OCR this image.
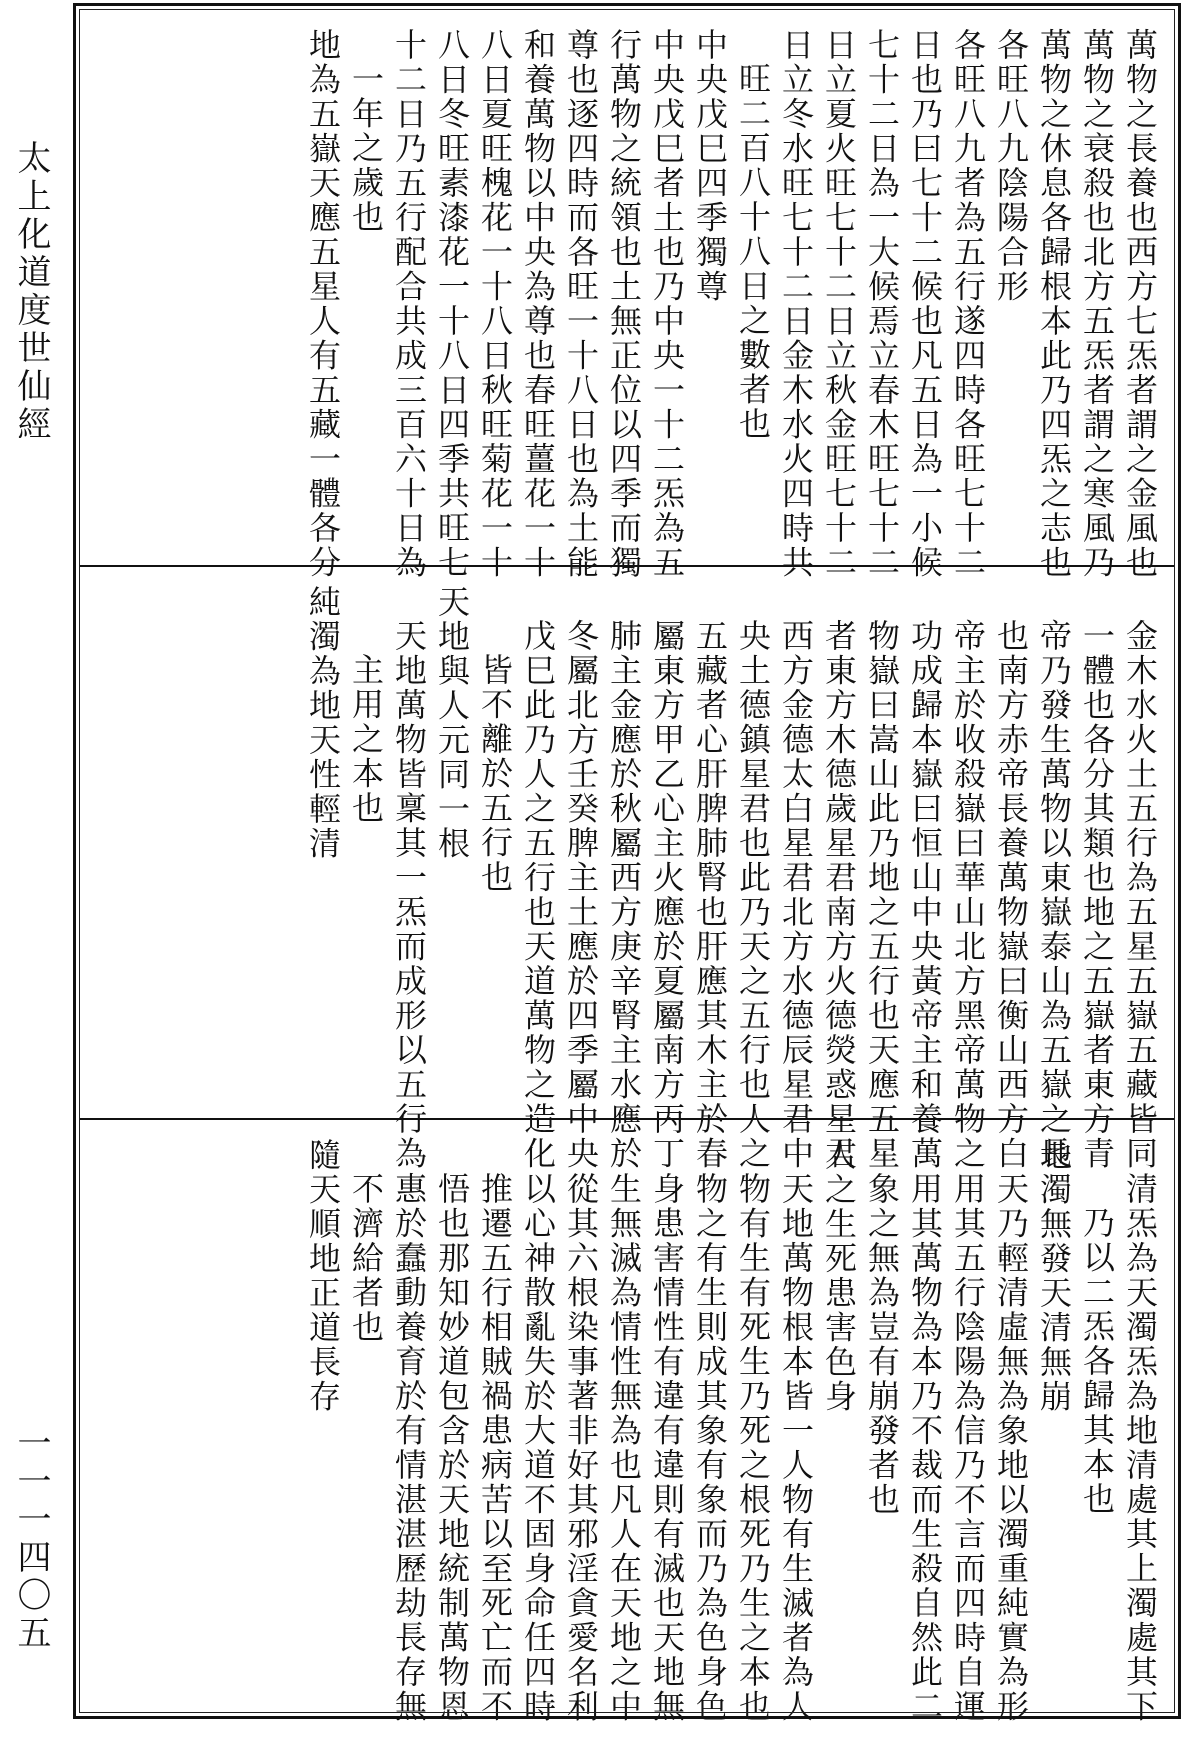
太上化道度世仙經
一一一四〇五
萬物之長養也西方七炁者謂之金風也
萬物之衰殺也北方五炁者謂之寒風乃
萬物之休息各歸根本此乃四炁之志也
各旺八九陰陽合形
各旺八九者為五行遂四時各旺七十二
日也乃曰七十二候也凡五日為一小候
七十二日為一大候焉立春木旺七十二
日立夏火旺七十二日立秋金旺七十二
日立冬水旺七十二日金木水火四時共
旺二百八十八日之數者也
中央戊巳四季獨尊
中央戊巳者土也乃中央一十二炁為五
行萬物之統領也土無正位以四季而獨
尊也逐四時而各旺一十八日也為土能
和養萬物以中央為尊也春旺薑花一十
八日夏旺槐花一十八日秋旺菊花一十
八日冬旺素漆花一十八日四季共旺七
十二日乃五行配合共成三百六十日為
一年之歲也
地為五嶽天應五星人有五藏一體各分
金木水火土五行為五星五嶽五藏皆同
一體也各分其類也地之五嶽者東方青
帝乃發生萬物以東嶽泰山為五嶽之長
也南方赤帝長養萬物嶽曰衡山西方白
帝主於收殺嶽曰華山北方黑帝萬物之
功成歸本嶽曰恒山中央黃帝主和養萬
物嶽曰嵩山此乃地之五行也天應五星
者東方木德歲星君南方火德熒惑星君
西方金德太白星君北方水德辰星君中
央土德鎮星君也此乃天之五行也人之
五藏者心肝脾肺腎也肝應其木主於春
屬東方甲乙心主火應於夏屬南方丙丁
肺主金應於秋屬西方庚辛腎主水應於
冬屬北方壬癸脾主土應於四季屬中央
戊巳此乃人之五行也天道萬物之造化
皆不離於五行也
天地與人元同一根
天地萬物皆稟其一炁而成形以五行為
主用之本也
純濁為地天性輕清
清炁為天濁炁為地清處其上濁處其下
乃以二炁各歸其本也
地濁無發天清無崩
天乃輕清虛無為象地以濁重純實為形
用其五行陰陽為信乃不言而四時自運
用其萬物為本乃不裁而生殺自然此二
象之無為豈有崩發者也
人之生死患害色身
天地萬物根本皆一人物有生滅者為人
物有生有死生乃死之根死乃生之本也
物之有生則成其象有象而乃為色身色
身患害情性有違有違則有滅也天地無
生無滅為情性無為也凡人在天地之中
從其六根染事著非好其邪淫貪愛名利
以心神散亂失於大道不固身命任四時
推遷五行相賊禍患病苦以至死亡而不
悟也那知妙道包含於天地統制萬物恩
惠於蠢動養育於有情湛湛歷劫長存無
不濟給者也
隨天順地正道長存
